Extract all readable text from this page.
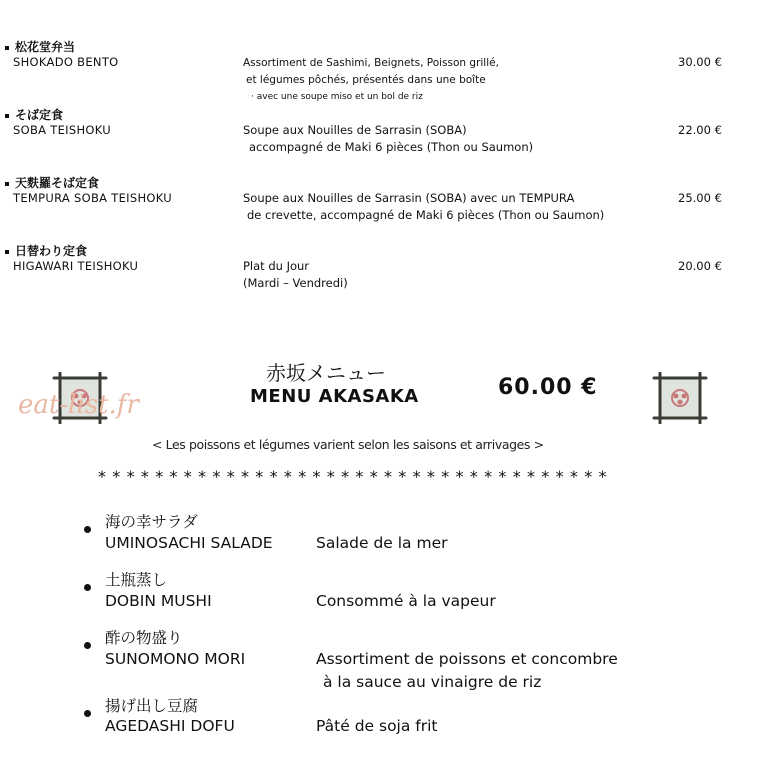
松花堂弁当
SHOKADO BENTO	Assortiment de Sashimi, Beignets, Poisson grillé,
et légumes pôchés, présentés dans une boîte
· avec une soupe miso et un bol de riz
30.00 €
そば定食
SOBA TEISHOKU	Soupe aux Nouilles de Sarrasin (SOBA)
accompagné de Maki 6 pièces (Thon ou Saumon)
22.00 €
天麩羅そば定食
TEMPURA SOBA TEISHOKU	Soupe aux Nouilles de Sarrasin (SOBA) avec un TEMPURA
de crevette, accompagné de Maki 6 pièces (Thon ou Saumon)
25.00 €
日替わり定食
HIGAWARI TEISHOKU	Plat du Jour
(Mardi – Vendredi)
20.00 €
eat-list.fr
赤坂メニュー
MENU AKASAKA	60.00 €
< Les poissons et légumes varient selon les saisons et arrivages >
************************************
海の幸サラダ
UMINOSACHI SALADE	Salade de la mer
土瓶蒸し
DOBIN MUSHI	Consommé à la vapeur
酢の物盛り
SUNOMONO MORI	Assortiment de poissons et concombre
à la sauce au vinaigre de riz
揚げ出し豆腐
AGEDASHI DOFU	Pâté de soja frit
